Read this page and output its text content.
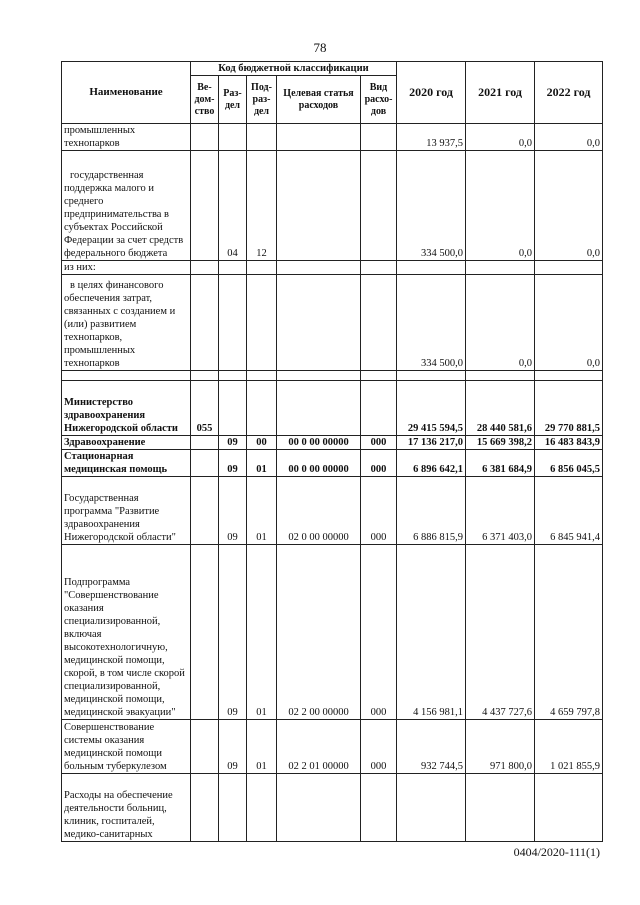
78
Наименование	Код бюджетной классификации					2020 год	2021 год	2022 год
	Ве-дом-ство	Раз-дел	Под-раз-дел	Целевая статья расходов	Вид расхо-дов			
промышленных технопарков						13 937,5	0,0	0,0
государственная поддержка малого и среднего предпринимательства в субъектах Российской Федерации за счет средств федерального бюджета		04	12			334 500,0	0,0	0,0
из них:								
в целях финансового обеспечения затрат, связанных с созданием и (или) развитием технопарков, промышленных технопарков						334 500,0	0,0	0,0

Министерство здравоохранения Нижегородской области	055					29 415 594,5	28 440 581,6	29 770 881,5
Здравоохранение		09	00	00 0 00 00000	000	17 136 217,0	15 669 398,2	16 483 843,9
Стационарная медицинская помощь		09	01	00 0 00 00000	000	6 896 642,1	6 381 684,9	6 856 045,5
Государственная программа "Развитие здравоохранения Нижегородской области"		09	01	02 0 00 00000	000	6 886 815,9	6 371 403,0	6 845 941,4
Подпрограмма "Совершенствование оказания специализированной, включая высокотехнологичную, медицинской помощи, скорой, в том числе скорой специализированной, медицинской помощи, медицинской эвакуации"		09	01	02 2 00 00000	000	4 156 981,1	4 437 727,6	4 659 797,8
Совершенствование системы оказания медицинской помощи больным туберкулезом		09	01	02 2 01 00000	000	932 744,5	971 800,0	1 021 855,9
Расходы на обеспечение деятельности больниц, клиник, госпиталей, медико-санитарных								
0404/2020-111(1)
